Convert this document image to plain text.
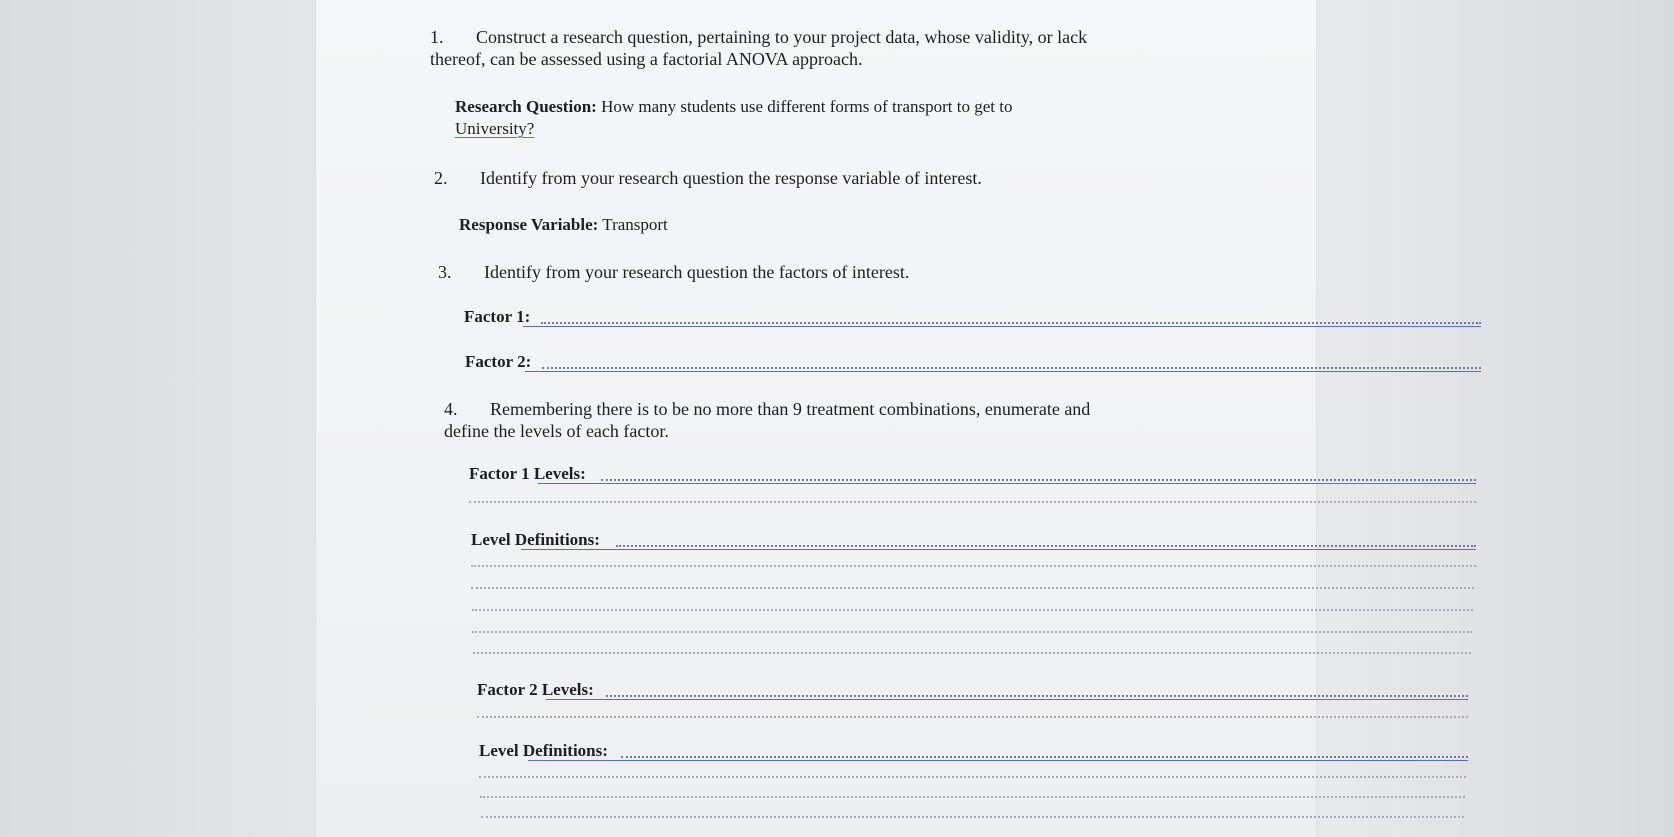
1. Construct a research question, pertaining to your project data, whose validity, or lack
thereof, can be assessed using a factorial ANOVA approach.
Research Question: How many students use different forms of transport to get to
University?
2. Identify from your research question the response variable of interest.
Response Variable: Transport
3. Identify from your research question the factors of interest.
Factor 1:
Factor 2:
4. Remembering there is to be no more than 9 treatment combinations, enumerate and
define the levels of each factor.
Factor 1 Levels:
Level Definitions:
Factor 2 Levels:
Level Definitions:
